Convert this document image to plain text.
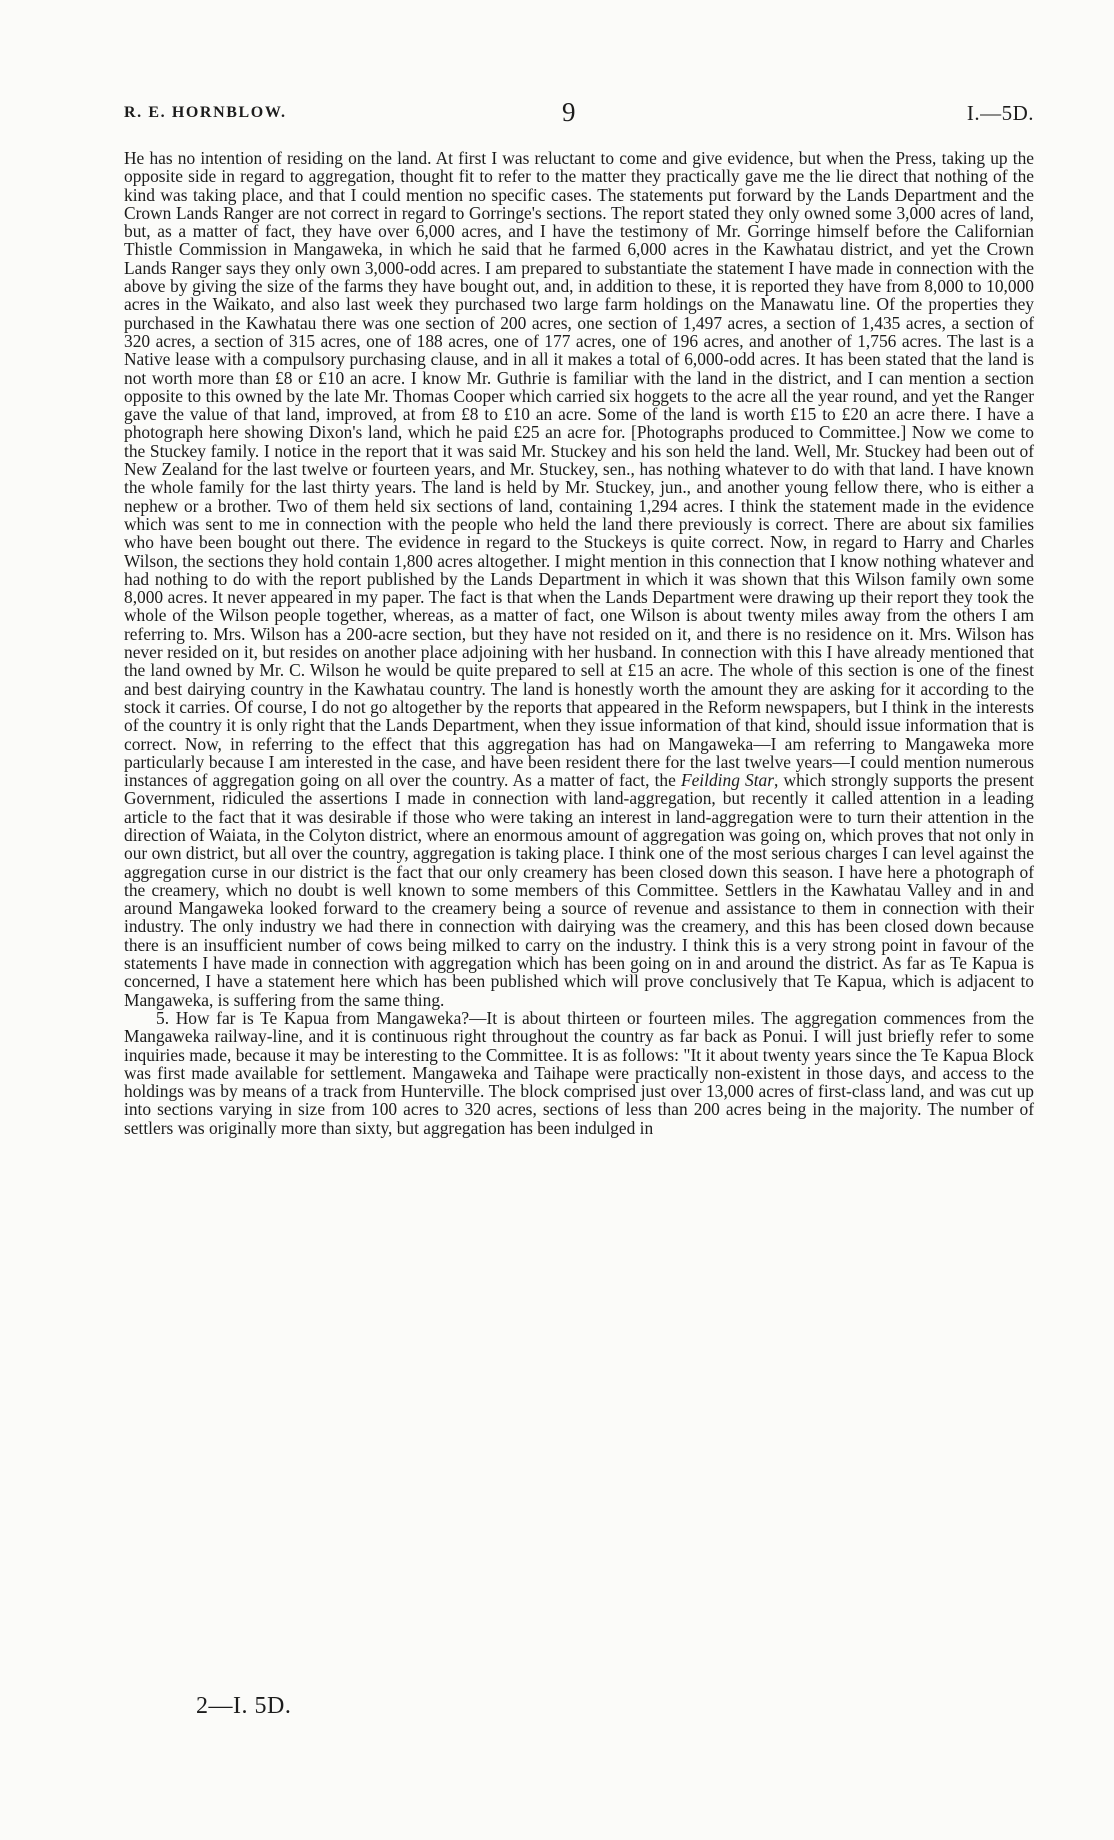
R. E. HORNBLOW.	9	I.—5D.

He has no intention of residing on the land. At first I was reluctant to come and give evidence, but when the Press, taking up the opposite side in regard to aggregation, thought fit to refer to the matter they practically gave me the lie direct that nothing of the kind was taking place, and that I could mention no specific cases. The statements put forward by the Lands Department and the Crown Lands Ranger are not correct in regard to Gorringe's sections. The report stated they only owned some 3,000 acres of land, but, as a matter of fact, they have over 6,000 acres, and I have the testimony of Mr. Gorringe himself before the Californian Thistle Commission in Mangaweka, in which he said that he farmed 6,000 acres in the Kawhatau district, and yet the Crown Lands Ranger says they only own 3,000-odd acres. I am prepared to substantiate the statement I have made in connection with the above by giving the size of the farms they have bought out, and, in addition to these, it is reported they have from 8,000 to 10,000 acres in the Waikato, and also last week they purchased two large farm holdings on the Manawatu line. Of the properties they purchased in the Kawhatau there was one section of 200 acres, one section of 1,497 acres, a section of 1,435 acres, a section of 320 acres, a section of 315 acres, one of 188 acres, one of 177 acres, one of 196 acres, and another of 1,756 acres. The last is a Native lease with a compulsory purchasing clause, and in all it makes a total of 6,000-odd acres. It has been stated that the land is not worth more than £8 or £10 an acre. I know Mr. Guthrie is familiar with the land in the district, and I can mention a section opposite to this owned by the late Mr. Thomas Cooper which carried six hoggets to the acre all the year round, and yet the Ranger gave the value of that land, improved, at from £8 to £10 an acre. Some of the land is worth £15 to £20 an acre there. I have a photograph here showing Dixon's land, which he paid £25 an acre for. [Photographs produced to Committee.] Now we come to the Stuckey family. I notice in the report that it was said Mr. Stuckey and his son held the land. Well, Mr. Stuckey had been out of New Zealand for the last twelve or fourteen years, and Mr. Stuckey, sen., has nothing whatever to do with that land. I have known the whole family for the last thirty years. The land is held by Mr. Stuckey, jun., and another young fellow there, who is either a nephew or a brother. Two of them held six sections of land, containing 1,294 acres. I think the statement made in the evidence which was sent to me in connection with the people who held the land there previously is correct. There are about six families who have been bought out there. The evidence in regard to the Stuckeys is quite correct. Now, in regard to Harry and Charles Wilson, the sections they hold contain 1,800 acres altogether. I might mention in this connection that I know nothing whatever and had nothing to do with the report published by the Lands Department in which it was shown that this Wilson family own some 8,000 acres. It never appeared in my paper. The fact is that when the Lands Department were drawing up their report they took the whole of the Wilson people together, whereas, as a matter of fact, one Wilson is about twenty miles away from the others I am referring to. Mrs. Wilson has a 200-acre section, but they have not resided on it, and there is no residence on it. Mrs. Wilson has never resided on it, but resides on another place adjoining with her husband. In connection with this I have already mentioned that the land owned by Mr. C. Wilson he would be quite prepared to sell at £15 an acre. The whole of this section is one of the finest and best dairying country in the Kawhatau country. The land is honestly worth the amount they are asking for it according to the stock it carries. Of course, I do not go altogether by the reports that appeared in the Reform newspapers, but I think in the interests of the country it is only right that the Lands Department, when they issue information of that kind, should issue information that is correct. Now, in referring to the effect that this aggregation has had on Mangaweka—I am referring to Mangaweka more particularly because I am interested in the case, and have been resident there for the last twelve years—I could mention numerous instances of aggregation going on all over the country. As a matter of fact, the Feilding Star, which strongly supports the present Government, ridiculed the assertions I made in connection with land-aggregation, but recently it called attention in a leading article to the fact that it was desirable if those who were taking an interest in land-aggregation were to turn their attention in the direction of Waiata, in the Colyton district, where an enormous amount of aggregation was going on, which proves that not only in our own district, but all over the country, aggregation is taking place. I think one of the most serious charges I can level against the aggregation curse in our district is the fact that our only creamery has been closed down this season. I have here a photograph of the creamery, which no doubt is well known to some members of this Committee. Settlers in the Kawhatau Valley and in and around Mangaweka looked forward to the creamery being a source of revenue and assistance to them in connection with their industry. The only industry we had there in connection with dairying was the creamery, and this has been closed down because there is an insufficient number of cows being milked to carry on the industry. I think this is a very strong point in favour of the statements I have made in connection with aggregation which has been going on in and around the district. As far as Te Kapua is concerned, I have a statement here which has been published which will prove conclusively that Te Kapua, which is adjacent to Mangaweka, is suffering from the same thing.

5. How far is Te Kapua from Mangaweka?—It is about thirteen or fourteen miles. The aggregation commences from the Mangaweka railway-line, and it is continuous right throughout the country as far back as Ponui. I will just briefly refer to some inquiries made, because it may be interesting to the Committee. It is as follows: "It it about twenty years since the Te Kapua Block was first made available for settlement. Mangaweka and Taihape were practically non-existent in those days, and access to the holdings was by means of a track from Hunterville. The block comprised just over 13,000 acres of first-class land, and was cut up into sections varying in size from 100 acres to 320 acres, sections of less than 200 acres being in the majority. The number of settlers was originally more than sixty, but aggregation has been indulged in

2—I. 5D.
